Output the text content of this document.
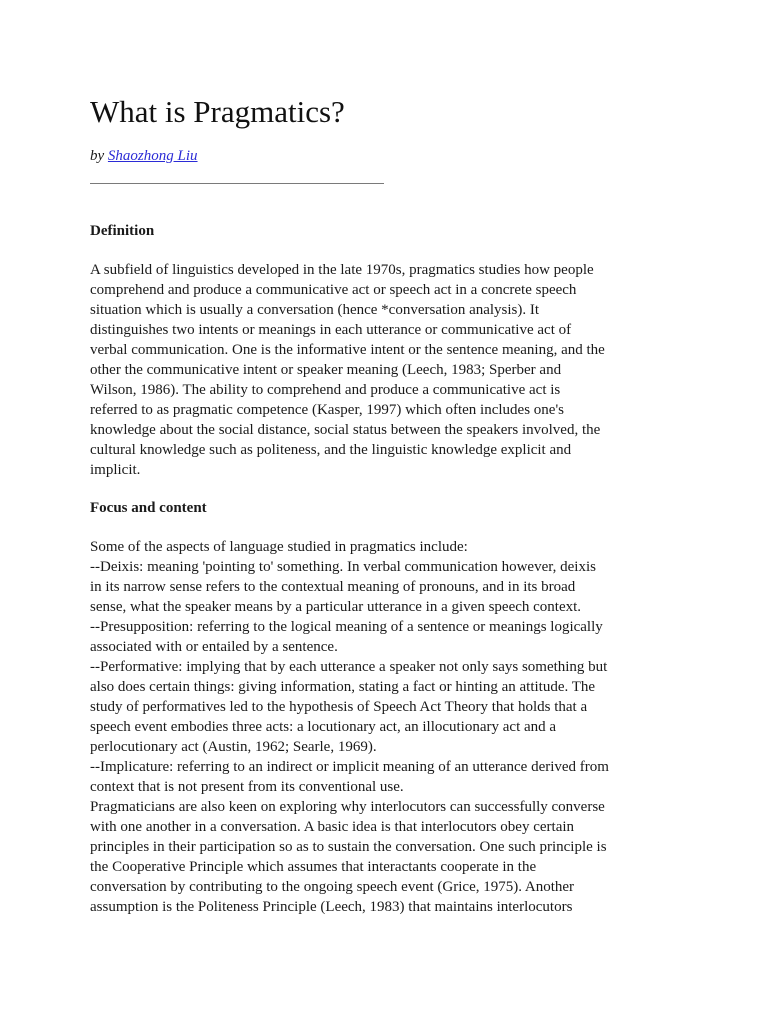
What is Pragmatics?
by Shaozhong Liu
Definition
A subfield of linguistics developed in the late 1970s, pragmatics studies how people
comprehend and produce a communicative act or speech act in a concrete speech
situation which is usually a conversation (hence *conversation analysis). It
distinguishes two intents or meanings in each utterance or communicative act of
verbal communication. One is the informative intent or the sentence meaning, and the
other the communicative intent or speaker meaning (Leech, 1983; Sperber and
Wilson, 1986). The ability to comprehend and produce a communicative act is
referred to as pragmatic competence (Kasper, 1997) which often includes one's
knowledge about the social distance, social status between the speakers involved, the
cultural knowledge such as politeness, and the linguistic knowledge explicit and
implicit.
Focus and content
Some of the aspects of language studied in pragmatics include:
--Deixis: meaning 'pointing to' something. In verbal communication however, deixis
in its narrow sense refers to the contextual meaning of pronouns, and in its broad
sense, what the speaker means by a particular utterance in a given speech context.
--Presupposition: referring to the logical meaning of a sentence or meanings logically
associated with or entailed by a sentence.
--Performative: implying that by each utterance a speaker not only says something but
also does certain things: giving information, stating a fact or hinting an attitude. The
study of performatives led to the hypothesis of Speech Act Theory that holds that a
speech event embodies three acts: a locutionary act, an illocutionary act and a
perlocutionary act (Austin, 1962; Searle, 1969).
--Implicature: referring to an indirect or implicit meaning of an utterance derived from
context that is not present from its conventional use.
Pragmaticians are also keen on exploring why interlocutors can successfully converse
with one another in a conversation. A basic idea is that interlocutors obey certain
principles in their participation so as to sustain the conversation. One such principle is
the Cooperative Principle which assumes that interactants cooperate in the
conversation by contributing to the ongoing speech event (Grice, 1975). Another
assumption is the Politeness Principle (Leech, 1983) that maintains interlocutors
